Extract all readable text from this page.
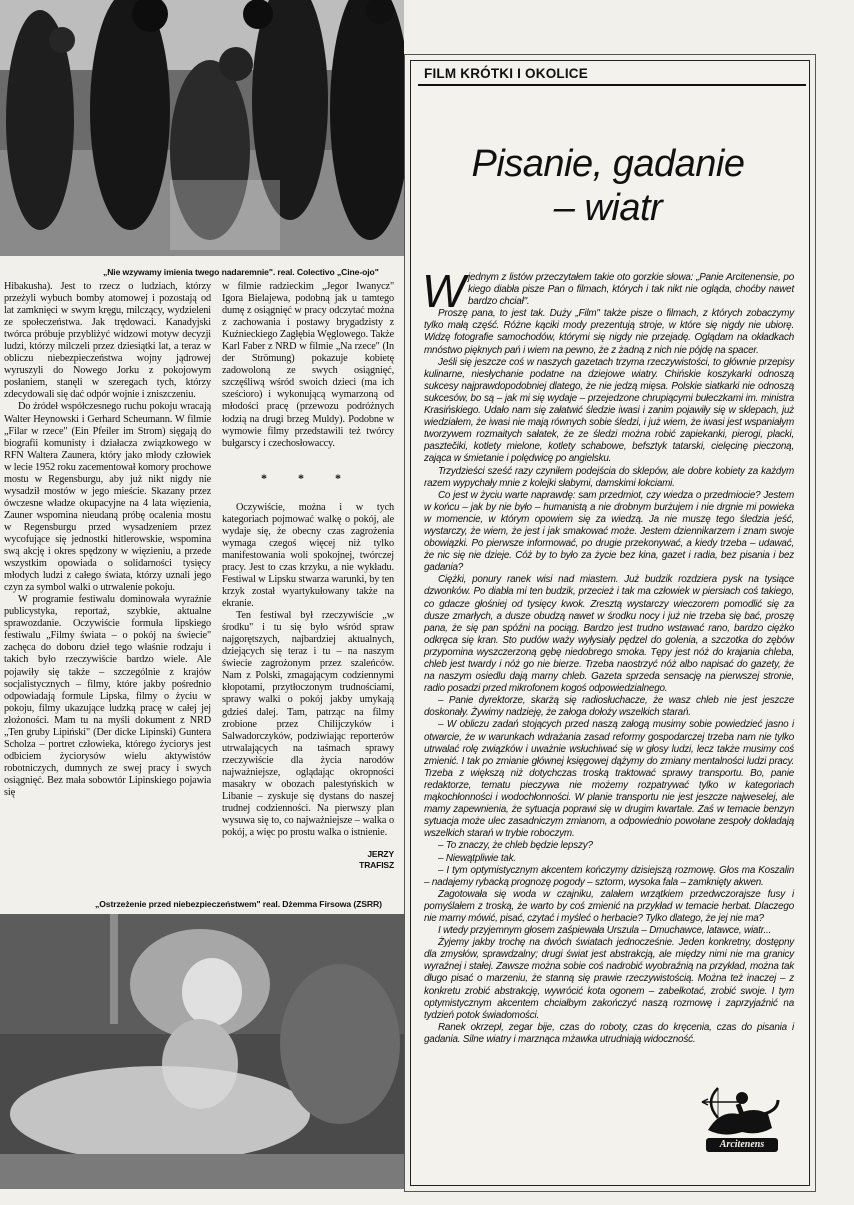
„Nie wzywamy imienia twego nadaremnie". real. Colectivo „Cine-ojo"

Hibakusha). Jest to rzecz o ludziach, którzy przeżyli wybuch bomby atomowej i pozostają od lat zamknięci w swym kręgu, milczący, wydzieleni ze społeczeństwa. Jak trędowaci. Kanadyjski twórca próbuje przybliżyć widzowi motyw decyzji ludzi, którzy milczeli przez dziesiątki lat, a teraz w obliczu niebezpieczeństwa wojny jądrowej wyruszyli do Nowego Jorku z pokojowym posłaniem, stanęli w szeregach tych, którzy zdecydowali się dać odpór wojnie i zniszczeniu.

Do źródeł współczesnego ruchu pokoju wracają Walter Heynowski i Gerhard Scheumann. W filmie „Filar w rzece" (Ein Pfeiler im Strom) sięgają do biografii komunisty i działacza związkowego w RFN Waltera Zaunera, który jako młody człowiek w lecie 1952 roku zacementował komory prochowe mostu w Regensburgu, aby już nikt nigdy nie wysadził mostów w jego mieście. Skazany przez ówczesne władze okupacyjne na 4 lata więzienia, Zauner wspomina nieudaną próbę ocalenia mostu w Regensburgu przed wysadzeniem przez wycofujące się jednostki hitlerowskie, wspomina swą akcję i okres spędzony w więzieniu, a przede wszystkim opowiada o solidarności tysięcy młodych ludzi z całego świata, którzy uznali jego czyn za symbol walki o utrwalenie pokoju.

W programie festiwalu dominowała wyraźnie publicystyka, reportaż, szybkie, aktualne sprawozdanie. Oczywiście formuła lipskiego festiwalu „Filmy świata – o pokój na świecie" zachęca do doboru dzieł tego właśnie rodzaju i takich było rzeczywiście bardzo wiele. Ale pojawiły się także – szczególnie z krajów socjalistycznych – filmy, które jakby pośrednio odpowiadają formule Lipska, filmy o życiu w pokoju, filmy ukazujące ludzką pracę w całej jej złożoności. Mam tu na myśli dokument z NRD „Ten gruby Lipiński" (Der dicke Lipinski) Guntera Scholza – portret człowieka, którego życiorys jest odbiciem życiorysów wielu aktywistów robotniczych, dumnych ze swej pracy i swych osiągnięć. Bez mała sobowtór Lipinskiego pojawia się

w filmie radzieckim „Jegor Iwanycz" Igora Bielajewa, podobną jak u tamtego dumę z osiągnięć w pracy odczytać można z zachowania i postawy brygadzisty z Kuźnieckiego Zagłębia Węglowego. Także Karl Faber z NRD w filmie „Na rzece" (In der Strömung) pokazuje kobietę zadowoloną ze swych osiągnięć, szczęśliwą wśród swoich dzieci (ma ich sześcioro) i wykonującą wymarzoną od młodości pracę (przewozu podróżnych łodzią na drugi brzeg Muldy). Podobne w wymowie filmy przedstawili też twórcy bułgarscy i czechosłowaccy.

* * *

Oczywiście, można i w tych kategoriach pojmować walkę o pokój, ale wydaje się, że obecny czas zagrożenia wymaga czegoś więcej niż tylko manifestowania woli spokojnej, twórczej pracy. Jest to czas krzyku, a nie wykładu. Festiwal w Lipsku stwarza warunki, by ten krzyk został wyartykułowany także na ekranie.

Ten festiwal był rzeczywiście „w środku" i tu się było wśród spraw najgorętszych, najbardziej aktualnych, dziejących się teraz i tu – na naszym świecie zagrożonym przez szaleńców. Nam z Polski, zmagającym codziennymi kłopotami, przytłoczonym trudnościami, sprawy walki o pokój jakby umykają gdzieś dalej. Tam, patrząc na filmy zrobione przez Chilijczyków i Salwadorczyków, podziwiając reporterów utrwalających na taśmach sprawy rzeczywiście dla życia narodów najważniejsze, oglądając okropności masakry w obozach palestyńskich w Libanie – zyskuje się dystans do naszej trudnej codzienności. Na pierwszy plan wysuwa się to, co najważniejsze – walka o pokój, a więc po prostu walka o istnienie.

JERZY
TRAFISZ
„Ostrzeżenie przed niebezpieczeństwem" real. Dżemma Firsowa (ZSRR)
FILM KRÓTKI I OKOLICE
Pisanie, gadanie
– wiatr

W jednym z listów przeczytałem takie oto gorzkie słowa: „Panie Arcitenensie, po kiego diabła pisze Pan o filmach, których i tak nikt nie ogląda, choćby nawet bardzo chciał".

Proszę pana, to jest tak. Duży „Film" także pisze o filmach, z których zobaczymy tylko małą część. Różne kąciki mody prezentują stroje, w które się nigdy nie ubiorę. Widzę fotografie samochodów, którymi się nigdy nie przejadę. Oglądam na okładkach mnóstwo pięknych pań i wiem na pewno, że z żadną z nich nie pójdę na spacer.

Jeśli się jeszcze coś w naszych gazetach trzyma rzeczywistości, to głównie przepisy kulinarne, niesłychanie podatne na dziejowe wiatry. Chińskie koszykarki odnoszą sukcesy najprawdopodobniej dlatego, że nie jedzą mięsa. Polskie siatkarki nie odnoszą sukcesów, bo są – jak mi się wydaje – przejedzone chrupiącymi bułeczkami im. ministra Krasińskiego. Udało nam się załatwić śledzie iwasi i zanim pojawiły się w sklepach, już wiedziałem, że iwasi nie mają równych sobie śledzi, i już wiem, że iwasi jest wspaniałym tworzywem rozmaitych sałatek, że ze śledzi można robić zapiekanki, pierogi, placki, pasztečiki, kotlety mielone, kotlety schabowe, befsztyk tatarski, cielęcinę pieczoną, zająca w śmietanie i polędwicę po angielsku.

Trzydzieści sześć razy czyniłem podejścia do sklepów, ale dobre kobiety za każdym razem wypychały mnie z kolejki słabymi, damskimi łokciami.

Co jest w życiu warte naprawdę: sam przedmiot, czy wiedza o przedmiocie? Jestem w końcu – jak by nie było – humanistą a nie drobnym burżujem i nie drgnie mi powieka w momencie, w którym opowiem się za wiedzą. Ja nie muszę tego śledzia jeść, wystarczy, że wiem, że jest i jak smakować może. Jestem dziennikarzem i znam swoje obowiązki. Po pierwsze informować, po drugie przekonywać, a kiedy trzeba – udawać, że nic się nie dzieje. Cóż by to było za życie bez kina, gazet i radia, bez pisania i bez gadania?

Ciężki, ponury ranek wisi nad miastem. Już budzik rozdziera pysk na tysiące dzwonków. Po diabła mi ten budzik, przecież i tak ma człowiek w piersiach coś takiego, co gdacze głośniej od tysięcy kwok. Zresztą wystarczy wieczorem pomodlić się za dusze zmarłych, a dusze obudzą nawet w środku nocy i już nie trzeba się bać, proszę pana, że się pan spóźni na pociąg. Bardzo jest trudno wstawać rano, bardzo ciężko odkręca się kran. Sto pudów waży wyłysiały pędzel do golenia, a szczotka do zębów przypomina wyszczerzoną gębę niedobrego smoka. Tępy jest nóż do krajania chleba, chleb jest twardy i nóż go nie bierze. Trzeba naostrzyć nóż albo napisać do gazety, że na naszym osiedlu dają marny chleb. Gazeta sprzeda sensację na pierwszej stronie, radio posadzi przed mikrofonem kogoś odpowiedzialnego.

– Panie dyrektorze, skarżą się radiosłuchacze, że wasz chleb nie jest jeszcze doskonały. Żywimy nadzieję, że załoga dołoży wszelkich starań.

– W obliczu zadań stojących przed naszą załogą musimy sobie powiedzieć jasno i otwarcie, że w warunkach wdrażania zasad reformy gospodarczej trzeba nam nie tylko utrwalać rolę związków i uważnie wsłuchiwać się w głosy ludzi, lecz także musimy coś zmienić. I tak po zmianie głównej księgowej dążymy do zmiany mentalności ludzi pracy. Trzeba z większą niż dotychczas troską traktować sprawy transportu. Bo, panie redaktorze, tematu pieczywa nie możemy rozpatrywać tylko w kategoriach mąkochłonności i wodochłonności. W planie transportu nie jest jeszcze najweselej, ale mamy zapewnienia, że sytuacja poprawi się w drugim kwartale. Zaś w temacie benzyn sytuacja może ulec zasadniczym zmianom, a odpowiednio powołane zespoły dokładają wszelkich starań w trybie roboczym.

– To znaczy, że chleb będzie lepszy?

– Niewątpliwie tak.

– I tym optymistycznym akcentem kończymy dzisiejszą rozmowę. Głos ma Koszalin – nadajemy rybacką prognozę pogody – sztorm, wysoka fala – zamknięty akwen.

Zagotowała się woda w czajniku, zalałem wrzątkiem przedwczorajsze fusy i pomyślałem z troską, że warto by coś zmienić na przykład w temacie herbat. Dlaczego nie marny mówić, pisać, czytać i myśleć o herbacie? Tylko dlatego, że jej nie ma?

I wtedy przyjemnym głosem zaśpiewała Urszula – Dmuchawce, latawce, wiatr...

Żyjemy jakby trochę na dwóch światach jednocześnie. Jeden konkretny, dostępny dla zmysłów, sprawdzalny; drugi świat jest abstrakcją, ale między nimi nie ma granicy wyraźnej i stałej. Zawsze można sobie coś nadrobić wyobraźnią na przykład, można tak długo pisać o marzeniu, że stanną się prawie rzeczywistością. Można też inaczej – z konkretu zrobić abstrakcję, wywrócić kota ogonem – zabełkotać, zrobić swoje. I tym optymistycznym akcentem chciałbym zakończyć naszą rozmowę i zaprzyjaźnić na tydzień potok świadomości.

Ranek okrzepł, zegar bije, czas do roboty, czas do kręcenia, czas do pisania i gadania. Silne wiatry i marznąca mżawka utrudniają widoczność.

Arcitenens
